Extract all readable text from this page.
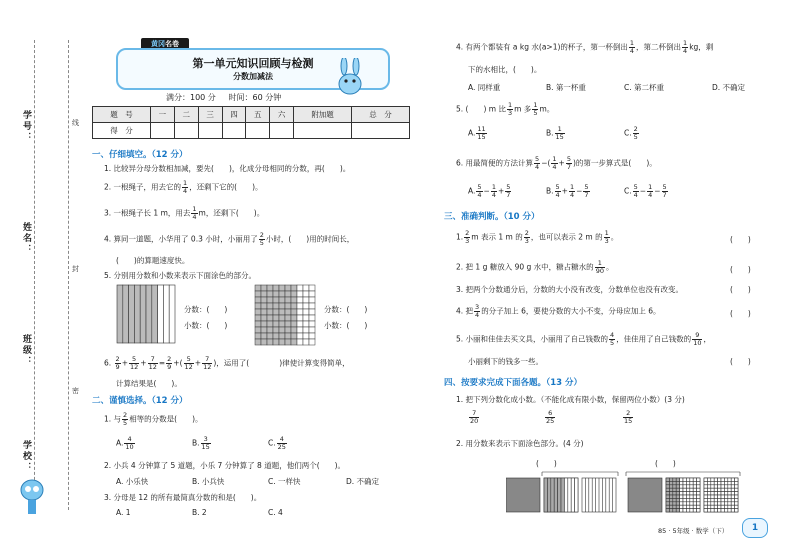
学号：
姓名：
班级：
学校：
线
封
密
黄冈名卷
第一单元知识回顾与检测
分数加减法
满分：100 分 时间：60 分钟
题　号	一	二	三	四	五	六	附加题	总　分
得　分								
一、仔细填空。（12 分）
1. 比较异分母分数相加减，要先(　　)，化成分母相同的分数，再(　　)。
2. 一根绳子，用去它的 $\frac{1}{4}$ ，还剩下它的(　　)。
3. 一根绳子长 1 m，用去 $\frac{1}{4}$ m，还剩下(　　)。
4. 算同一道题，小华用了 0.3 小时，小丽用了 $\frac{2}{5}$ 小时，(　　)用的时间长，
(　　)的算题速度快。
5. 分别用分数和小数来表示下面涂色的部分。
分数：(　　)
小数：(　　)
分数：(　　)
小数：(　　)
6. $\frac{2}{9} + \frac{5}{12} + \frac{7}{12} = \frac{2}{9}$ +( $\frac{5}{12} + \frac{7}{12}$ )，运用了(　　　　)律使计算变得简单，
计算结果是(　　)。
二、谨慎选择。（12 分）
1. 与 $\frac{2}{5}$ 相等的分数是(　　)。
A. $\frac{4}{10}$	B. $\frac{3}{15}$	C. $\frac{4}{25}$
2. 小兵 4 分钟算了 5 道题，小乐 7 分钟算了 8 道题，他们两个(　　)。
A. 小乐快	B. 小兵快	C. 一样快	D. 不确定
3. 分母是 12 的所有最简真分数的和是(　　)。
A. 1	B. 2	C. 4
4. 有两个都装有 a kg 水(a>1)的杯子，第一杯倒出 $\frac{1}{4}$ ，第二杯倒出 $\frac{1}{4}$ kg，剩
下的水相比，(　　)。
A. 同样重	B. 第一杯重	C. 第二杯重	D. 不确定
5. (　　) m 比 $\frac{1}{3}$ m 多 $\frac{1}{5}$ m。
A. $\frac{11}{15}$	B. $\frac{1}{15}$	C. $\frac{2}{5}$
6. 用最简便的方法计算 $\frac{5}{4}$ −( $\frac{1}{4} + \frac{5}{7}$ )的第一步算式是(　　)。
A. $\frac{5}{4} - \frac{1}{4} + \frac{5}{7}$	B. $\frac{5}{4} + \frac{1}{4} - \frac{5}{7}$	C. $\frac{5}{4} - \frac{1}{4} - \frac{5}{7}$
三、准确判断。（10 分）
1. $\frac{2}{3}$ m 表示 1 m 的 $\frac{2}{3}$ ，也可以表示 2 m 的 $\frac{1}{3}$ 。	(　　)
2. 把 1 g 糖放入 90 g 水中，糖占糖水的 $\frac{1}{90}$ 。	(　　)
3. 把两个分数通分后，分数的大小没有改变，分数单位也没有改变。	(　　)
4. 把 $\frac{3}{4}$ 的分子加上 6，要使分数的大小不变，分母应加上 6。	(　　)
5. 小丽和佳佳去买文具，小丽用了自己钱数的 $\frac{4}{5}$ ，佳佳用了自己钱数的 $\frac{9}{10}$ ，
小丽剩下的钱多一些。	(　　)
四、按要求完成下面各题。（13 分）
1. 把下列分数化成小数。（不能化成有限小数，保留两位小数）(3 分)
$\frac{7}{20}$	$\frac{6}{25}$	$\frac{2}{15}$
2. 用分数来表示下面涂色部分。(4 分)
(　　)	(　　)
85 · 5年级 · 数学（下）	1
